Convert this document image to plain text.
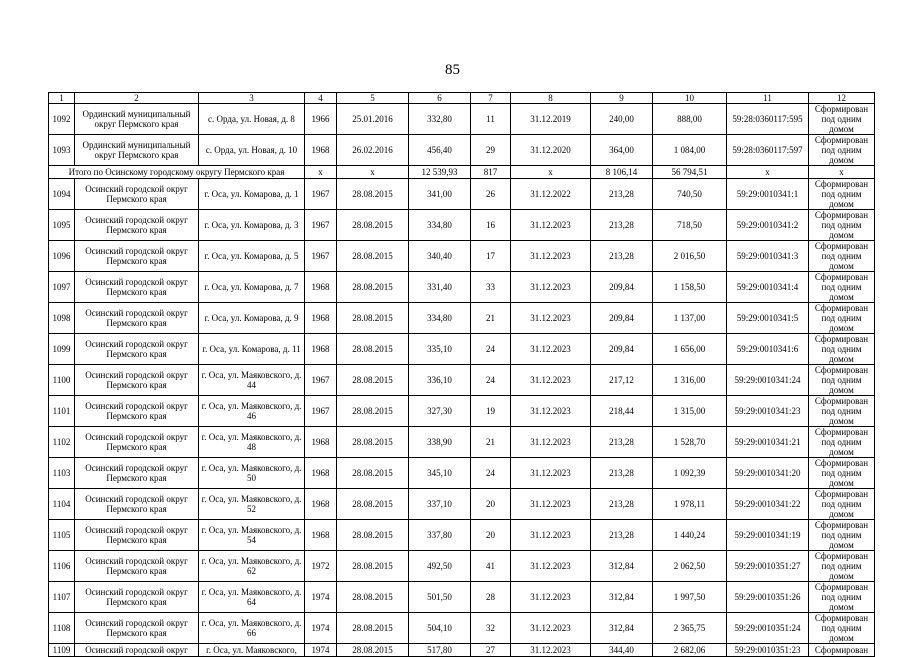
85
1	2	3	4	5	6	7	8	9	10	11	12
1092	Ординский муниципальный округ Пермского края	с. Орда, ул. Новая, д. 8	1966	25.01.2016	332,80	11	31.12.2019	240,00	888,00	59:28:0360117:595	Сформирован под одним домом
1093	Ординский муниципальный округ Пермского края	с. Орда, ул. Новая, д. 10	1968	26.02.2016	456,40	29	31.12.2020	364,00	1 084,00	59:28:0360117:597	Сформирован под одним домом
Итого по Осинскому городскому округу Пермского края			x	x	12 539,93	817	x	8 106,14	56 794,51	x	x
1094	Осинский городской округ Пермского края	г. Оса, ул. Комарова, д. 1	1967	28.08.2015	341,00	26	31.12.2022	213,28	740,50	59:29:0010341:1	Сформирован под одним домом
1095	Осинский городской округ Пермского края	г. Оса, ул. Комарова, д. 3	1967	28.08.2015	334,80	16	31.12.2023	213,28	718,50	59:29:0010341:2	Сформирован под одним домом
1096	Осинский городской округ Пермского края	г. Оса, ул. Комарова, д. 5	1967	28.08.2015	340,40	17	31.12.2023	213,28	2 016,50	59:29:0010341:3	Сформирован под одним домом
1097	Осинский городской округ Пермского края	г. Оса, ул. Комарова, д. 7	1968	28.08.2015	331,40	33	31.12.2023	209,84	1 158,50	59:29:0010341:4	Сформирован под одним домом
1098	Осинский городской округ Пермского края	г. Оса, ул. Комарова, д. 9	1968	28.08.2015	334,80	21	31.12.2023	209,84	1 137,00	59:29:0010341:5	Сформирован под одним домом
1099	Осинский городской округ Пермского края	г. Оса, ул. Комарова, д. 11	1968	28.08.2015	335,10	24	31.12.2023	209,84	1 656,00	59:29:0010341:6	Сформирован под одним домом
1100	Осинский городской округ Пермского края	г. Оса, ул. Маяковского, д. 44	1967	28.08.2015	336,10	24	31.12.2023	217,12	1 316,00	59:29:0010341:24	Сформирован под одним домом
1101	Осинский городской округ Пермского края	г. Оса, ул. Маяковского, д. 46	1967	28.08.2015	327,30	19	31.12.2023	218,44	1 315,00	59:29:0010341:23	Сформирован под одним домом
1102	Осинский городской округ Пермского края	г. Оса, ул. Маяковского, д. 48	1968	28.08.2015	338,90	21	31.12.2023	213,28	1 528,70	59:29:0010341:21	Сформирован под одним домом
1103	Осинский городской округ Пермского края	г. Оса, ул. Маяковского, д. 50	1968	28.08.2015	345,10	24	31.12.2023	213,28	1 092,39	59:29:0010341:20	Сформирован под одним домом
1104	Осинский городской округ Пермского края	г. Оса, ул. Маяковского, д. 52	1968	28.08.2015	337,10	20	31.12.2023	213,28	1 978,11	59:29:0010341:22	Сформирован под одним домом
1105	Осинский городской округ Пермского края	г. Оса, ул. Маяковского, д. 54	1968	28.08.2015	337,80	20	31.12.2023	213,28	1 440,24	59:29:0010341:19	Сформирован под одним домом
1106	Осинский городской округ Пермского края	г. Оса, ул. Маяковского, д. 62	1972	28.08.2015	492,50	41	31.12.2023	312,84	2 062,50	59:29:0010351:27	Сформирован под одним домом
1107	Осинский городской округ Пермского края	г. Оса, ул. Маяковского, д. 64	1974	28.08.2015	501,50	28	31.12.2023	312,84	1 997,50	59:29:0010351:26	Сформирован под одним домом
1108	Осинский городской округ Пермского края	г. Оса, ул. Маяковского, д. 66	1974	28.08.2015	504,10	32	31.12.2023	312,84	2 365,75	59:29:0010351:24	Сформирован под одним домом
1109	Осинский городской округ	г. Оса, ул. Маяковского,	1974	28.08.2015	517,80	27	31.12.2023	344,40	2 682,06	59:29:0010351:23	Сформирован
